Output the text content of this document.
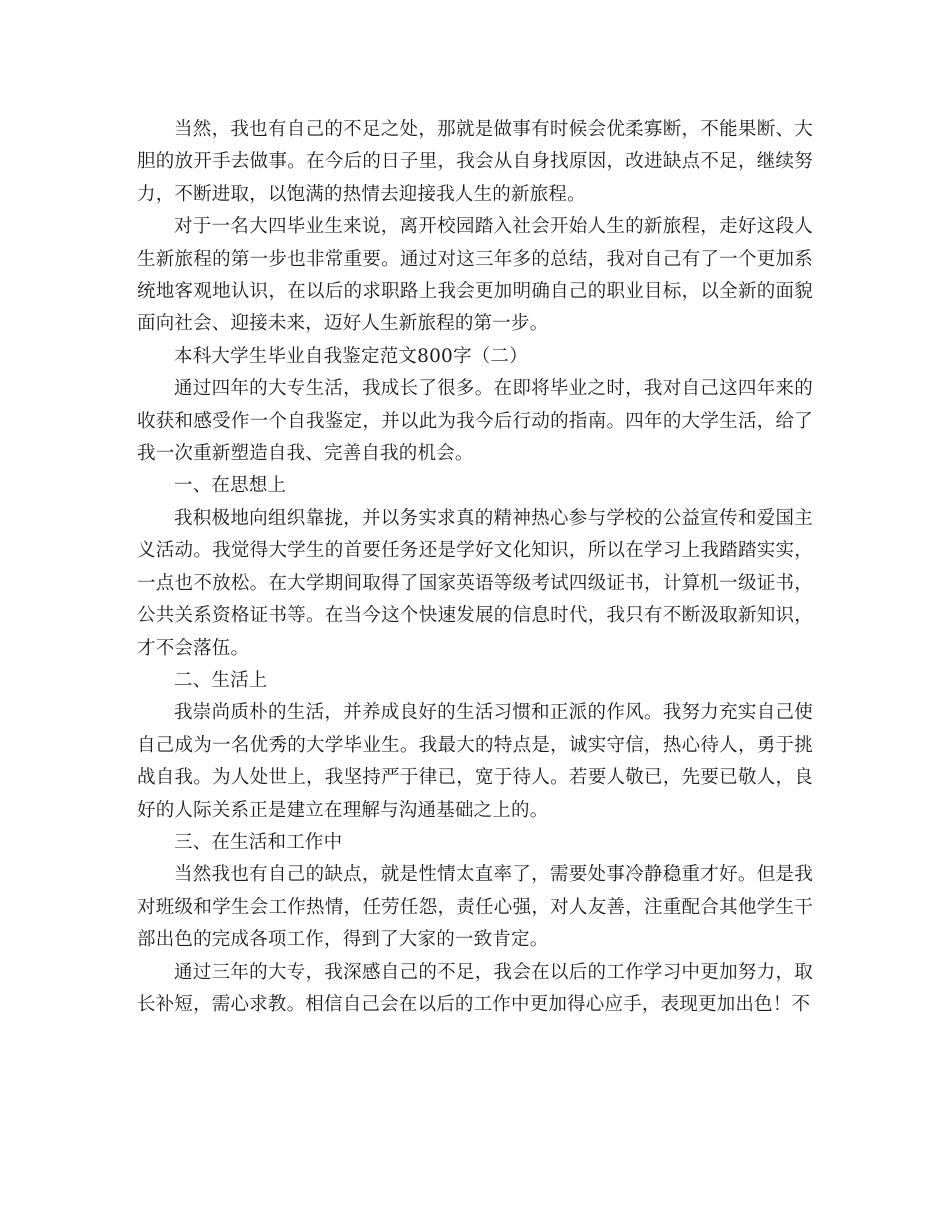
当然，我也有自己的不足之处，那就是做事有时候会优柔寡断，不能果断、大胆的放开手去做事。在今后的日子里，我会从自身找原因，改进缺点不足，继续努力，不断进取，以饱满的热情去迎接我人生的新旅程。

对于一名大四毕业生来说，离开校园踏入社会开始人生的新旅程，走好这段人生新旅程的第一步也非常重要。通过对这三年多的总结，我对自己有了一个更加系统地客观地认识，在以后的求职路上我会更加明确自己的职业目标，以全新的面貌面向社会、迎接未来，迈好人生新旅程的第一步。

本科大学生毕业自我鉴定范文800字（二）

通过四年的大专生活，我成长了很多。在即将毕业之时，我对自己这四年来的收获和感受作一个自我鉴定，并以此为我今后行动的指南。四年的大学生活，给了我一次重新塑造自我、完善自我的机会。

一、在思想上

我积极地向组织靠拢，并以务实求真的精神热心参与学校的公益宣传和爱国主义活动。我觉得大学生的首要任务还是学好文化知识，所以在学习上我踏踏实实，一点也不放松。在大学期间取得了国家英语等级考试四级证书，计算机一级证书，公共关系资格证书等。在当今这个快速发展的信息时代，我只有不断汲取新知识，才不会落伍。

二、生活上

我崇尚质朴的生活，并养成良好的生活习惯和正派的作风。我努力充实自己使自己成为一名优秀的大学毕业生。我最大的特点是，诚实守信，热心待人，勇于挑战自我。为人处世上，我坚持严于律已，宽于待人。若要人敬已，先要已敬人，良好的人际关系正是建立在理解与沟通基础之上的。

三、在生活和工作中

当然我也有自己的缺点，就是性情太直率了，需要处事冷静稳重才好。但是我对班级和学生会工作热情，任劳任怨，责任心强，对人友善，注重配合其他学生干部出色的完成各项工作，得到了大家的一致肯定。

通过三年的大专，我深感自己的不足，我会在以后的工作学习中更加努力，取长补短，需心求教。相信自己会在以后的工作中更加得心应手，表现更加出色！不
